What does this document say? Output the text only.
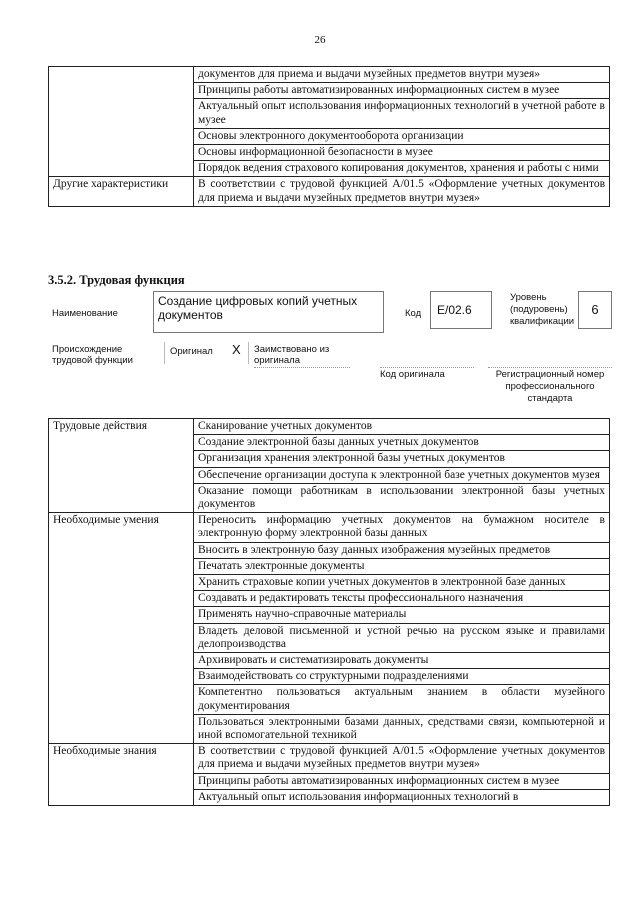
26
	документов для приема и выдачи музейных предметов внутри музея»
	Принципы работы автоматизированных информационных систем в музее
	Актуальный опыт использования информационных технологий в учетной работе в музее
	Основы электронного документооборота организации
	Основы информационной безопасности в музее
	Порядок ведения страхового копирования документов, хранения и работы с ними
Другие характеристики	В соответствии с трудовой функцией А/01.5 «Оформление учетных документов для приема и выдачи музейных предметов внутри музея»
3.5.2. Трудовая функция
Наименование
Создание цифровых копий учетных документов	Код	E/02.6
Уровень (подуровень) квалификации
6
Происхождение трудовой функции
Оригинал X Заимствовано из оригинала
Код оригинала	Регистрационный номер профессионального стандарта
Трудовые действия	Сканирование учетных документов
	Создание электронной базы данных учетных документов
	Организация хранения электронной базы учетных документов
	Обеспечение организации доступа к электронной базе учетных документов музея
	Оказание помощи работникам в использовании электронной базы учетных документов
Необходимые умения	Переносить информацию учетных документов на бумажном носителе в электронную форму электронной базы данных
	Вносить в электронную базу данных изображения музейных предметов
	Печатать электронные документы
	Хранить страховые копии учетных документов в электронной базе данных
	Создавать и редактировать тексты профессионального назначения
	Применять научно-справочные материалы
	Владеть деловой письменной и устной речью на русском языке и правилами делопроизводства
	Архивировать и систематизировать документы
	Взаимодействовать со структурными подразделениями
	Компетентно пользоваться актуальным знанием в области музейного документирования
	Пользоваться электронными базами данных, средствами связи, компьютерной и иной вспомогательной техникой
Необходимые знания	В соответствии с трудовой функцией А/01.5 «Оформление учетных документов для приема и выдачи музейных предметов внутри музея»
	Принципы работы автоматизированных информационных систем в музее
	Актуальный опыт использования информационных технологий в
